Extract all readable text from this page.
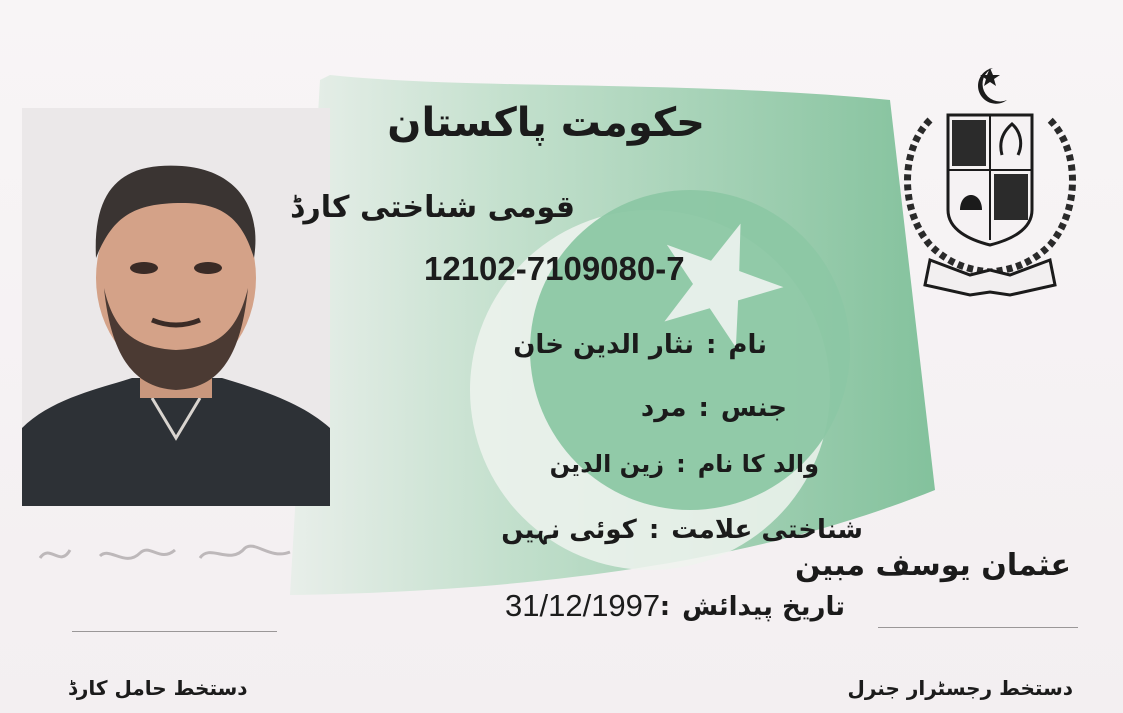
حکومت پاکستان
قومی شناختی کارڈ
12102-7109080-7
نام:نثار الدین خان
جنس:مرد
والد کا نام:زین الدین
شناختی علامت:کوئی نہیں
تاریخ پیدائش:
31/12/1997
عثمان یوسف مبین
دستخط حامل کارڈ	دستخط رجسٹرار جنرل
